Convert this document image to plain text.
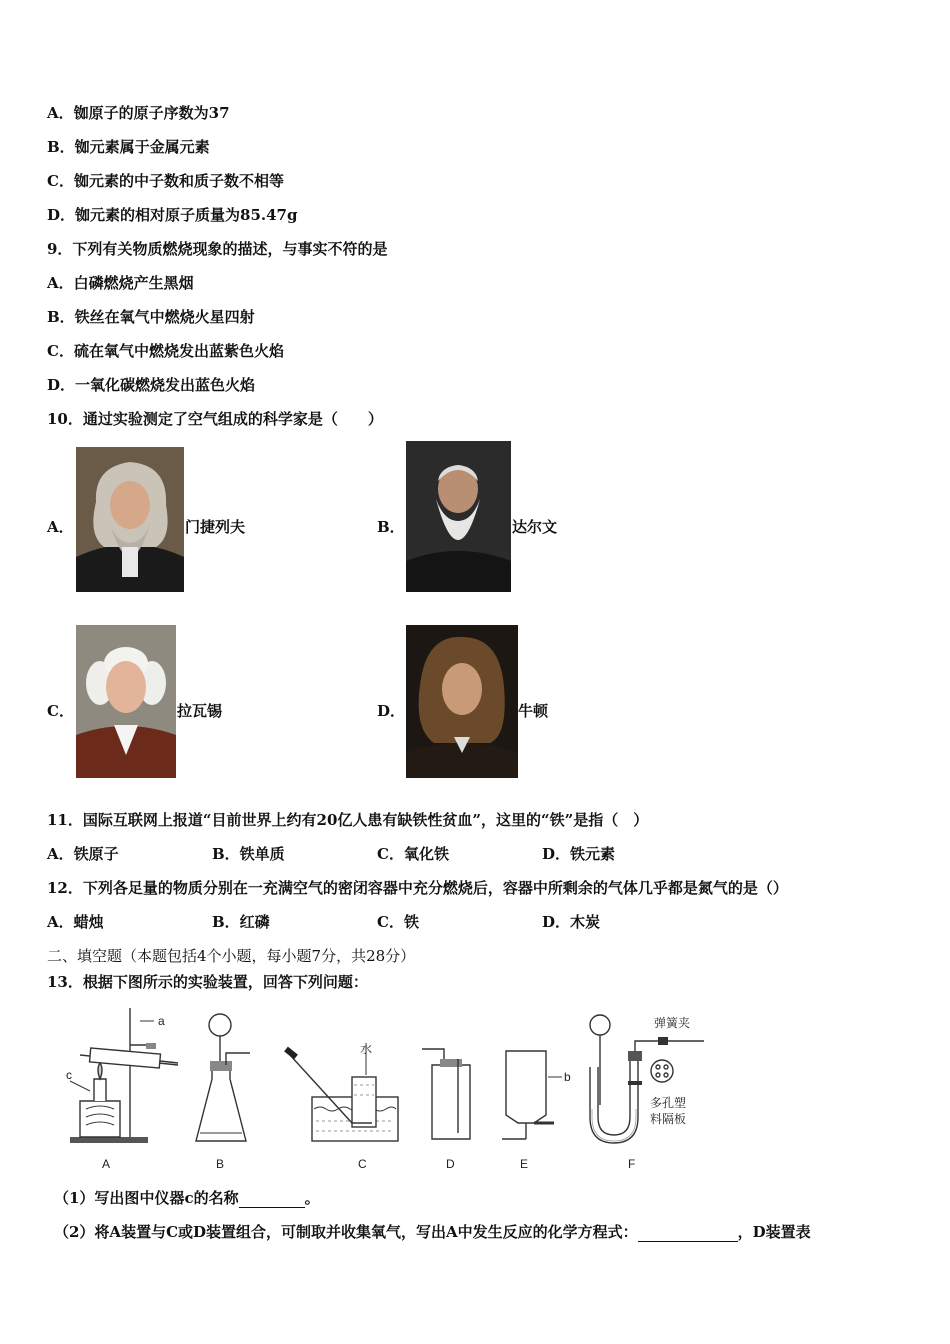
A．铷原子的原子序数为37
B．铷元素属于金属元素
C．铷元素的中子数和质子数不相等
D．铷元素的相对原子质量为85.47g
9．下列有关物质燃烧现象的描述，与事实不符的是
A．白磷燃烧产生黑烟
B．铁丝在氧气中燃烧火星四射
C．硫在氧气中燃烧发出蓝紫色火焰
D．一氧化碳燃烧发出蓝色火焰
10．通过实验测定了空气组成的科学家是（　　）
A．	门捷列夫	B．	达尔文
C．	拉瓦锡	D．	牛顿
11．国际互联网上报道“目前世界上约有20亿人患有缺铁性贫血”，这里的“铁”是指（　）
A．铁原子	B．铁单质	C．氧化铁	D．铁元素
12．下列各足量的物质分别在一充满空气的密闭容器中充分燃烧后，容器中所剩余的气体几乎都是氮气的是（）
A．蜡烛	B．红磷	C．铁	D．木炭
二、填空题（本题包括4个小题，每小题7分，共28分）
13．根据下图所示的实验装置，回答下列问题：
c
a
A	B
水
C	D
b
E
弹簧夹
多孔塑
料隔板
F
（1）写出图中仪器c的名称	。
（2）将A装置与C或D装置组合，可制取并收集氧气，写出A中发生反应的化学方程式：	，D装置表
